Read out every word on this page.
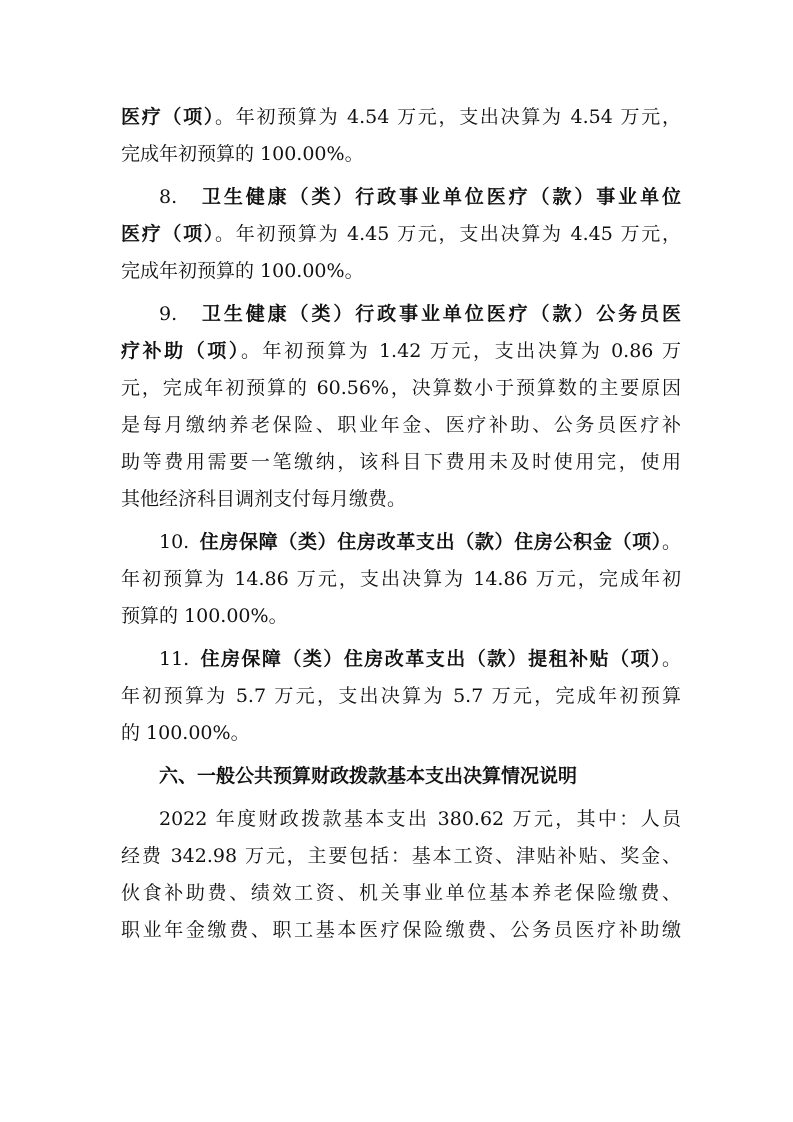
医疗（项）。年初预算为 4.54 万元，支出决算为 4.54 万元，
完成年初预算的 100.00%。
8. 卫生健康（类）行政事业单位医疗（款）事业单位
医疗（项）。年初预算为 4.45 万元，支出决算为 4.45 万元，
完成年初预算的 100.00%。
9. 卫生健康（类）行政事业单位医疗（款）公务员医
疗补助（项）。年初预算为 1.42 万元，支出决算为 0.86 万
元，完成年初预算的 60.56%，决算数小于预算数的主要原因
是每月缴纳养老保险、职业年金、医疗补助、公务员医疗补
助等费用需要一笔缴纳，该科目下费用未及时使用完，使用
其他经济科目调剂支付每月缴费。
10. 住房保障（类）住房改革支出（款）住房公积金（项）。
年初预算为 14.86 万元，支出决算为 14.86 万元，完成年初
预算的 100.00%。
11. 住房保障（类）住房改革支出（款）提租补贴（项）。
年初预算为 5.7 万元，支出决算为 5.7 万元，完成年初预算
的 100.00%。
六、一般公共预算财政拨款基本支出决算情况说明
2022 年度财政拨款基本支出 380.62 万元，其中：人员
经费 342.98 万元，主要包括：基本工资、津贴补贴、奖金、
伙食补助费、绩效工资、机关事业单位基本养老保险缴费、
职业年金缴费、职工基本医疗保险缴费、公务员医疗补助缴
